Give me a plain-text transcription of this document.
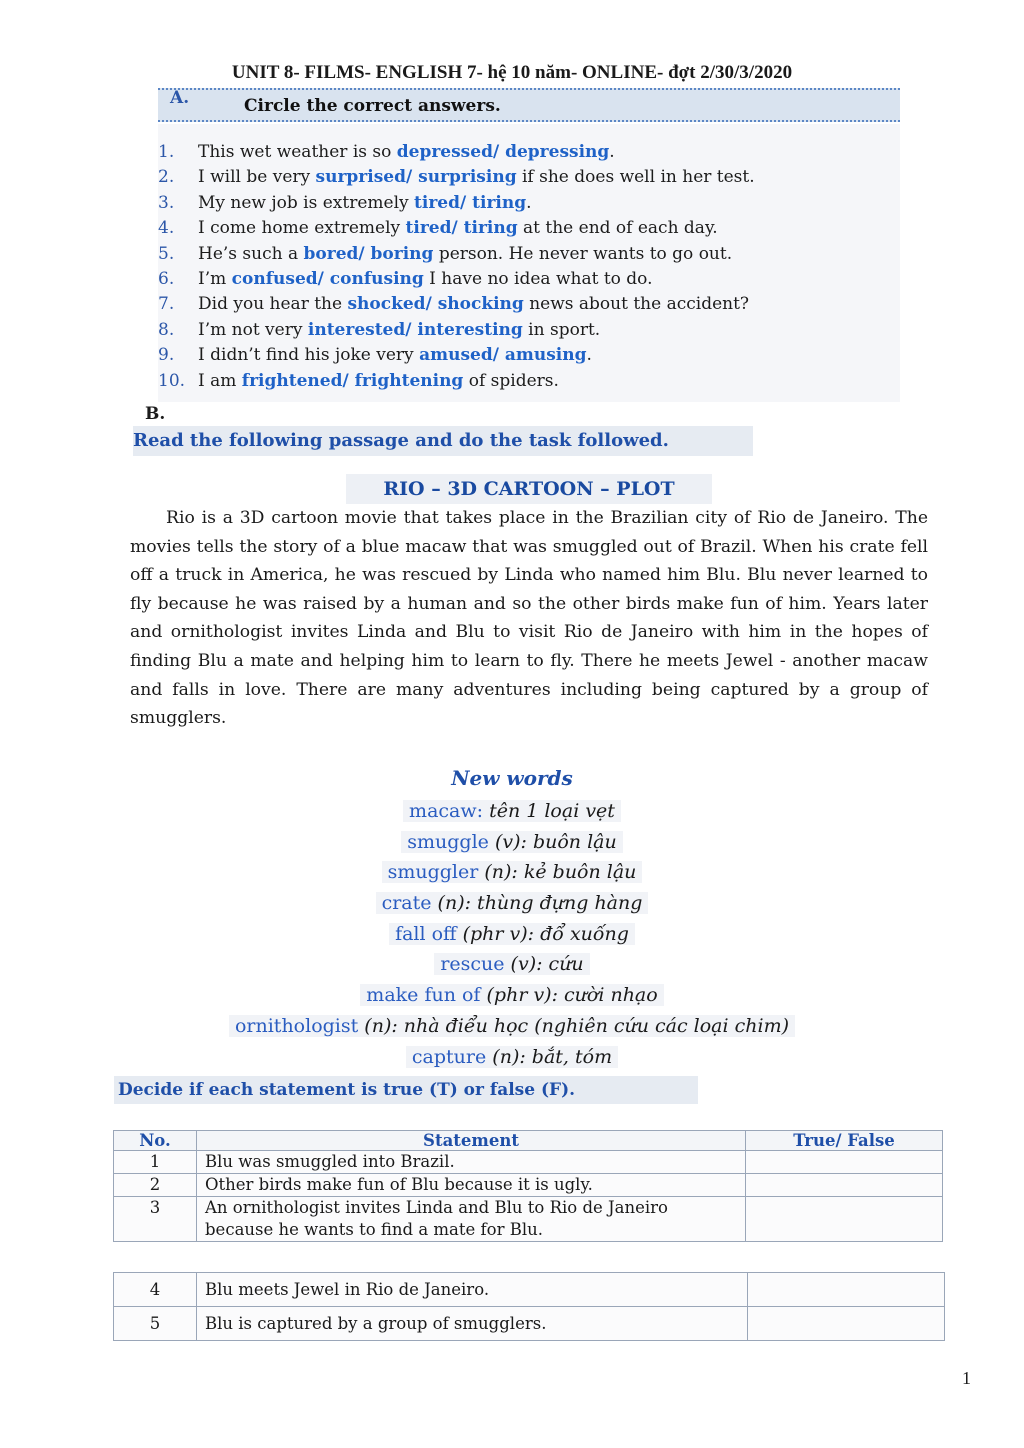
UNIT 8- FILMS- ENGLISH 7- hệ 10 năm- ONLINE- đợt 2/30/3/2020
A.	Circle the correct answers.
1.	This wet weather is so depressed/ depressing.
2.	I will be very surprised/ surprising if she does well in her test.
3.	My new job is extremely tired/ tiring.
4.	I come home extremely tired/ tiring at the end of each day.
5.	He’s such a bored/ boring person. He never wants to go out.
6.	I’m confused/ confusing I have no idea what to do.
7.	Did you hear the shocked/ shocking news about the accident?
8.	I’m not very interested/ interesting in sport.
9.	I didn’t find his joke very amused/ amusing.
10. I am frightened/ frightening of spiders.
B.
Read the following passage and do the task followed.
RIO – 3D CARTOON – PLOT
Rio is a 3D cartoon movie that takes place in the Brazilian city of Rio de Janeiro. The movies tells the story of a blue macaw that was smuggled out of Brazil. When his crate fell off a truck in America, he was rescued by Linda who named him Blu. Blu never learned to fly because he was raised by a human and so the other birds make fun of him. Years later and ornithologist invites Linda and Blu to visit Rio de Janeiro with him in the hopes of finding Blu a mate and helping him to learn to fly. There he meets Jewel - another macaw and falls in love. There are many adventures including being captured by a group of smugglers.
New words
macaw: tên 1 loại vẹt
smuggle (v): buôn lậu
smuggler (n): kẻ buôn lậu
crate (n): thùng đựng hàng
fall off (phr v): đổ xuống
rescue (v): cứu
make fun of (phr v): cười nhạo
ornithologist (n): nhà điểu học (nghiên cứu các loại chim)
capture (n): bắt, tóm
Decide if each statement is true (T) or false (F).
No.	Statement	True/ False
1	Blu was smuggled into Brazil.	
2	Other birds make fun of Blu because it is ugly.	
3	An ornithologist invites Linda and Blu to Rio de Janeiro because he wants to find a mate for Blu.	
4	Blu meets Jewel in Rio de Janeiro.	
5	Blu is captured by a group of smugglers.	
1
